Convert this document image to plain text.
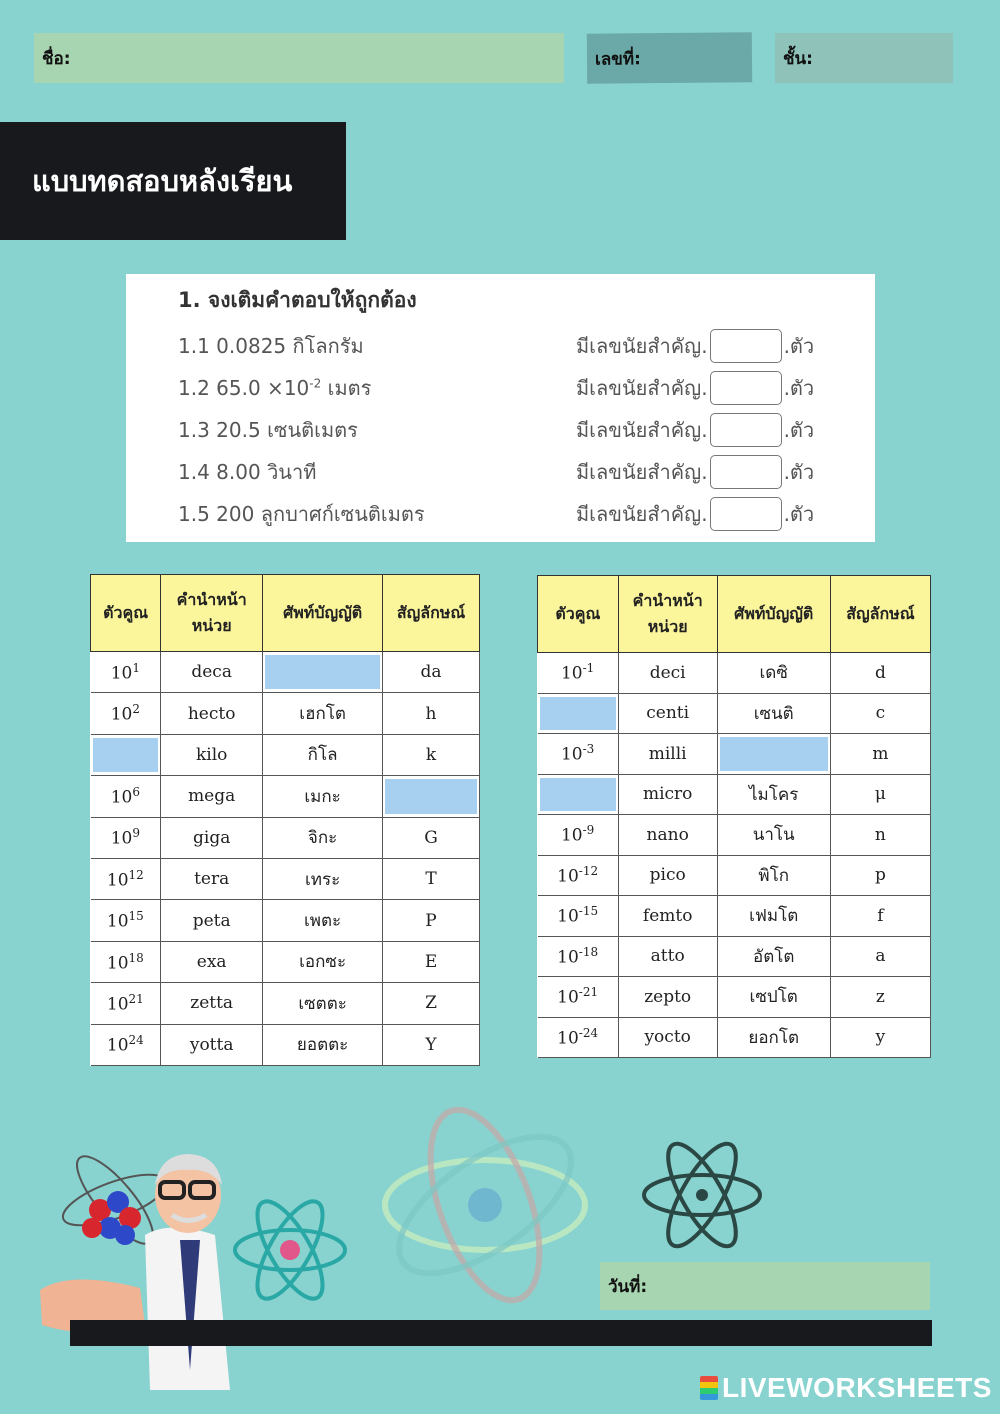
ชื่อ:	เลขที่:	ชั้น:
แบบทดสอบหลังเรียน
1. จงเติมคำตอบให้ถูกต้อง
1.1 0.0825 กิโลกรัม	มีเลขนัยสำคัญ.	.ตัว
1.2 $65.0 \times 10^{-2}$ เมตร	มีเลขนัยสำคัญ.	.ตัว
1.3 20.5 เซนติเมตร	มีเลขนัยสำคัญ.	.ตัว
1.4 8.00 วินาที	มีเลขนัยสำคัญ.	.ตัว
1.5 200 ลูกบาศก์เซนติเมตร	มีเลขนัยสำคัญ.	.ตัว
ตัวคูณ	คำนำหน้าหน่วย	ศัพท์บัญญัติ	สัญลักษณ์
$10^1$	deca		da
$10^2$	hecto	เฮกโต	h

	kilo	กิโล	k
$10^6$	mega	เมกะ	

$10^9$	giga	จิกะ	G
$10^{12}$	tera	เทระ	T
$10^{15}$	peta	เพตะ	P
$10^{18}$	exa	เอกซะ	E
$10^{21}$	zetta	เซตตะ	Z
$10^{24}$	yotta	ยอตตะ	Y
ตัวคูณ	คำนำหน้าหน่วย	ศัพท์บัญญัติ	สัญลักษณ์
$10^{-1}$	deci	เดซิ	d

	centi	เซนติ	c
$10^{-3}$	milli		m

	micro	ไมโคร	μ
$10^{-9}$	nano	นาโน	n
$10^{-12}$	pico	พิโก	p
$10^{-15}$	femto	เฟมโต	f
$10^{-18}$	atto	อัตโต	a
$10^{-21}$	zepto	เซปโต	z
$10^{-24}$	yocto	ยอกโต	y
วันที่:
LIVEWORKSHEETS
